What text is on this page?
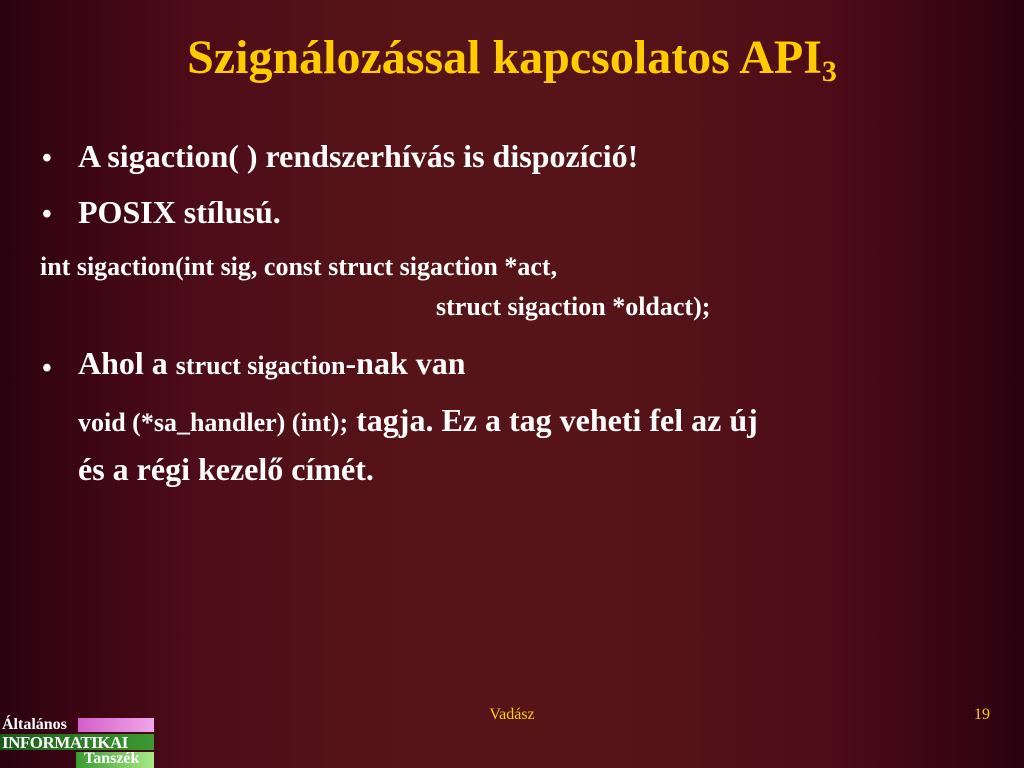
Szignálozással kapcsolatos $API_3$
• A sigaction( ) rendszerhívás is dispozíció!

• POSIX stílusú.

int sigaction(int sig, const struct sigaction *act,

struct sigaction *oldact);

• Ahol a struct sigaction-nak van

void (*sa_handler) (int); tagja. Ez a tag veheti fel az új

és a régi kezelő címét.

Vadász	19
Általános
INFORMATIKAI
Tanszék
